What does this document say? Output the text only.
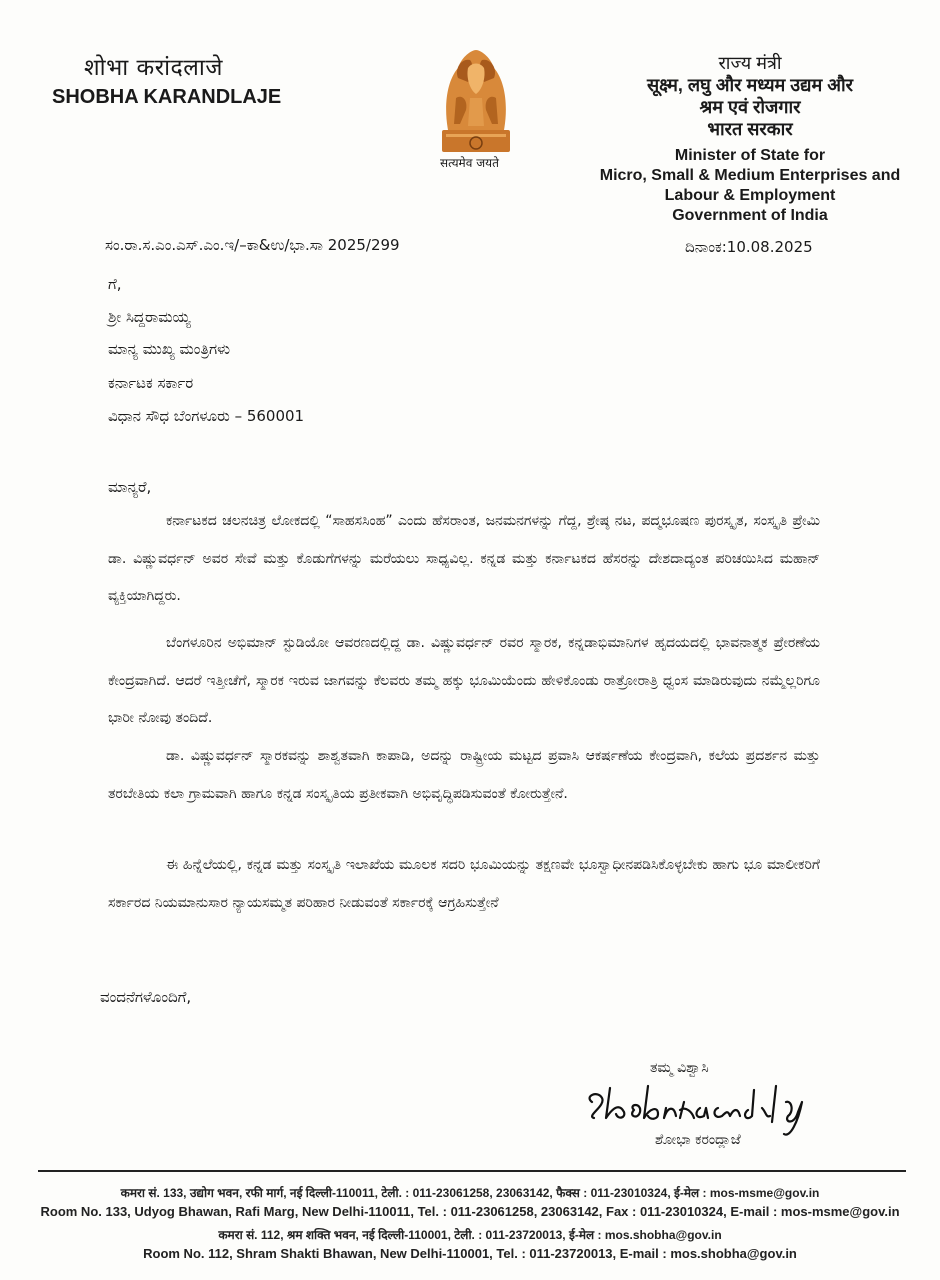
शोभा करांदलाजे
SHOBHA KARANDLAJE
सत्यमेव जयते
राज्य मंत्री
सूक्ष्म, लघु और मध्यम उद्यम और
श्रम एवं रोजगार
भारत सरकार
Minister of State for
Micro, Small & Medium Enterprises and
Labour & Employment
Government of India
ಸಂ.ರಾ.ಸ.ಎಂ.ಎಸ್.ಎಂ.ಇ/–ಕಾ&ಉ/ಭಾ.ಸಾ 2025/299	ದಿನಾಂಕ:10.08.2025
ಗೆ,
ಶ್ರೀ ಸಿದ್ದರಾಮಯ್ಯ
ಮಾನ್ಯ ಮುಖ್ಯ ಮಂತ್ರಿಗಳು
ಕರ್ನಾಟಕ ಸರ್ಕಾರ
ವಿಧಾನ ಸೌಧ ಬೆಂಗಳೂರು – 560001
ಮಾನ್ಯರೆ,
ಕರ್ನಾಟಕದ ಚಲನಚಿತ್ರ ಲೋಕದಲ್ಲಿ “ಸಾಹಸಸಿಂಹ” ಎಂದು ಹೆಸರಾಂತ, ಜನಮನಗಳನ್ನು ಗೆದ್ದ, ಶ್ರೇಷ್ಠ ನಟ, ಪದ್ಮಭೂಷಣ ಪುರಸ್ಕೃತ, ಸಂಸ್ಕೃತಿ ಪ್ರೇಮಿ ಡಾ. ವಿಷ್ಣುವರ್ಧನ್ ಅವರ ಸೇವೆ ಮತ್ತು ಕೊಡುಗೆಗಳನ್ನು ಮರೆಯಲು ಸಾಧ್ಯವಿಲ್ಲ. ಕನ್ನಡ ಮತ್ತು ಕರ್ನಾಟಕದ ಹೆಸರನ್ನು ದೇಶದಾದ್ಯಂತ ಪರಿಚಯಿಸಿದ ಮಹಾನ್ ವ್ಯಕ್ತಿಯಾಗಿದ್ದರು.
ಬೆಂಗಳೂರಿನ ಅಭಿಮಾನ್ ಸ್ಟುಡಿಯೋ ಆವರಣದಲ್ಲಿದ್ದ ಡಾ. ವಿಷ್ಣುವರ್ಧನ್ ರವರ ಸ್ಮಾರಕ, ಕನ್ನಡಾಭಿಮಾನಿಗಳ ಹೃದಯದಲ್ಲಿ ಭಾವನಾತ್ಮಕ ಪ್ರೇರಣೆಯ ಕೇಂದ್ರವಾಗಿದೆ. ಆದರೆ ಇತ್ತೀಚೆಗೆ, ಸ್ಮಾರಕ ಇರುವ ಜಾಗವನ್ನು ಕೆಲವರು ತಮ್ಮ ಹಕ್ಕು ಭೂಮಿಯೆಂದು ಹೇಳಿಕೊಂಡು ರಾತ್ರೋರಾತ್ರಿ ಧ್ವಂಸ ಮಾಡಿರುವುದು ನಮ್ಮೆಲ್ಲರಿಗೂ ಭಾರೀ ನೋವು ತಂದಿದೆ.
ಡಾ. ವಿಷ್ಣುವರ್ಧನ್ ಸ್ಮಾರಕವನ್ನು ಶಾಶ್ವತವಾಗಿ ಕಾಪಾಡಿ, ಅದನ್ನು ರಾಷ್ಟ್ರೀಯ ಮಟ್ಟದ ಪ್ರವಾಸಿ ಆಕರ್ಷಣೆಯ ಕೇಂದ್ರವಾಗಿ, ಕಲೆಯ ಪ್ರದರ್ಶನ ಮತ್ತು ತರಬೇತಿಯ ಕಲಾ ಗ್ರಾಮವಾಗಿ ಹಾಗೂ ಕನ್ನಡ ಸಂಸ್ಕೃತಿಯ ಪ್ರತೀಕವಾಗಿ ಅಭಿವೃದ್ಧಿಪಡಿಸುವಂತೆ ಕೋರುತ್ತೇನೆ.
ಈ ಹಿನ್ನೆಲೆಯಲ್ಲಿ, ಕನ್ನಡ ಮತ್ತು ಸಂಸ್ಕೃತಿ ಇಲಾಖೆಯ ಮೂಲಕ ಸದರಿ ಭೂಮಿಯನ್ನು ತಕ್ಷಣವೇ ಭೂಸ್ವಾಧೀನಪಡಿಸಿಕೊಳ್ಳಬೇಕು ಹಾಗು ಭೂ ಮಾಲೀಕರಿಗೆ ಸರ್ಕಾರದ ನಿಯಮಾನುಸಾರ ನ್ಯಾಯಸಮ್ಮತ ಪರಿಹಾರ ನೀಡುವಂತೆ ಸರ್ಕಾರಕ್ಕೆ ಆಗ್ರಹಿಸುತ್ತೇನೆ
ವಂದನೆಗಳೊಂದಿಗೆ,
ತಮ್ಮ ವಿಶ್ವಾಸಿ
ಶೋಭಾ ಕರಂದ್ಲಾಜೆ
कमरा सं. 133, उद्योग भवन, रफी मार्ग, नई दिल्ली-110011, टेली. : 011-23061258, 23063142, फैक्स : 011-23010324, ई-मेल : mos-msme@gov.in
Room No. 133, Udyog Bhawan, Rafi Marg, New Delhi-110011, Tel. : 011-23061258, 23063142, Fax : 011-23010324, E-mail : mos-msme@gov.in
कमरा सं. 112, श्रम शक्ति भवन, नई दिल्ली-110001, टेली. : 011-23720013, ई-मेल : mos.shobha@gov.in
Room No. 112, Shram Shakti Bhawan, New Delhi-110001, Tel. : 011-23720013, E-mail : mos.shobha@gov.in
